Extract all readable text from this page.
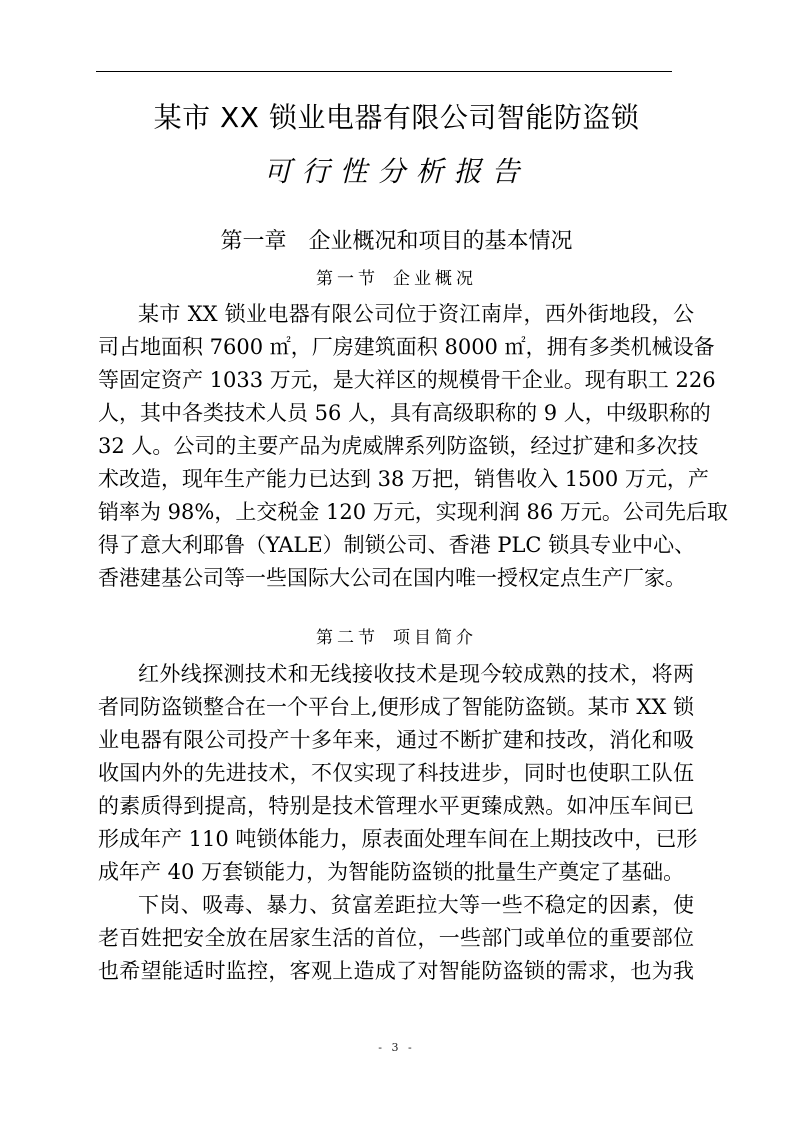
某市 XX 锁业电器有限公司智能防盗锁
可行性分析报告
第一章 企业概况和项目的基本情况
第一节 企业概况
某市 XX 锁业电器有限公司位于资江南岸，西外街地段，公
司占地面积 7600 ㎡，厂房建筑面积 8000 ㎡，拥有多类机械设备
等固定资产 1033 万元，是大祥区的规模骨干企业。现有职工 226
人，其中各类技术人员 56 人，具有高级职称的 9 人，中级职称的
32 人。公司的主要产品为虎威牌系列防盗锁，经过扩建和多次技
术改造，现年生产能力已达到 38 万把，销售收入 1500 万元，产
销率为 98%，上交税金 120 万元，实现利润 86 万元。公司先后取
得了意大利耶鲁（YALE）制锁公司、香港 PLC 锁具专业中心、
香港建基公司等一些国际大公司在国内唯一授权定点生产厂家。
第二节 项目简介
红外线探测技术和无线接收技术是现今较成熟的技术，将两
者同防盗锁整合在一个平台上,便形成了智能防盗锁。某市 XX 锁
业电器有限公司投产十多年来，通过不断扩建和技改，消化和吸
收国内外的先进技术，不仅实现了科技进步，同时也使职工队伍
的素质得到提高，特别是技术管理水平更臻成熟。如冲压车间已
形成年产 110 吨锁体能力，原表面处理车间在上期技改中，已形
成年产 40 万套锁能力，为智能防盗锁的批量生产奠定了基础。
下岗、吸毒、暴力、贫富差距拉大等一些不稳定的因素，使
老百姓把安全放在居家生活的首位，一些部门或单位的重要部位
也希望能适时监控，客观上造成了对智能防盗锁的需求，也为我
- 3 -
